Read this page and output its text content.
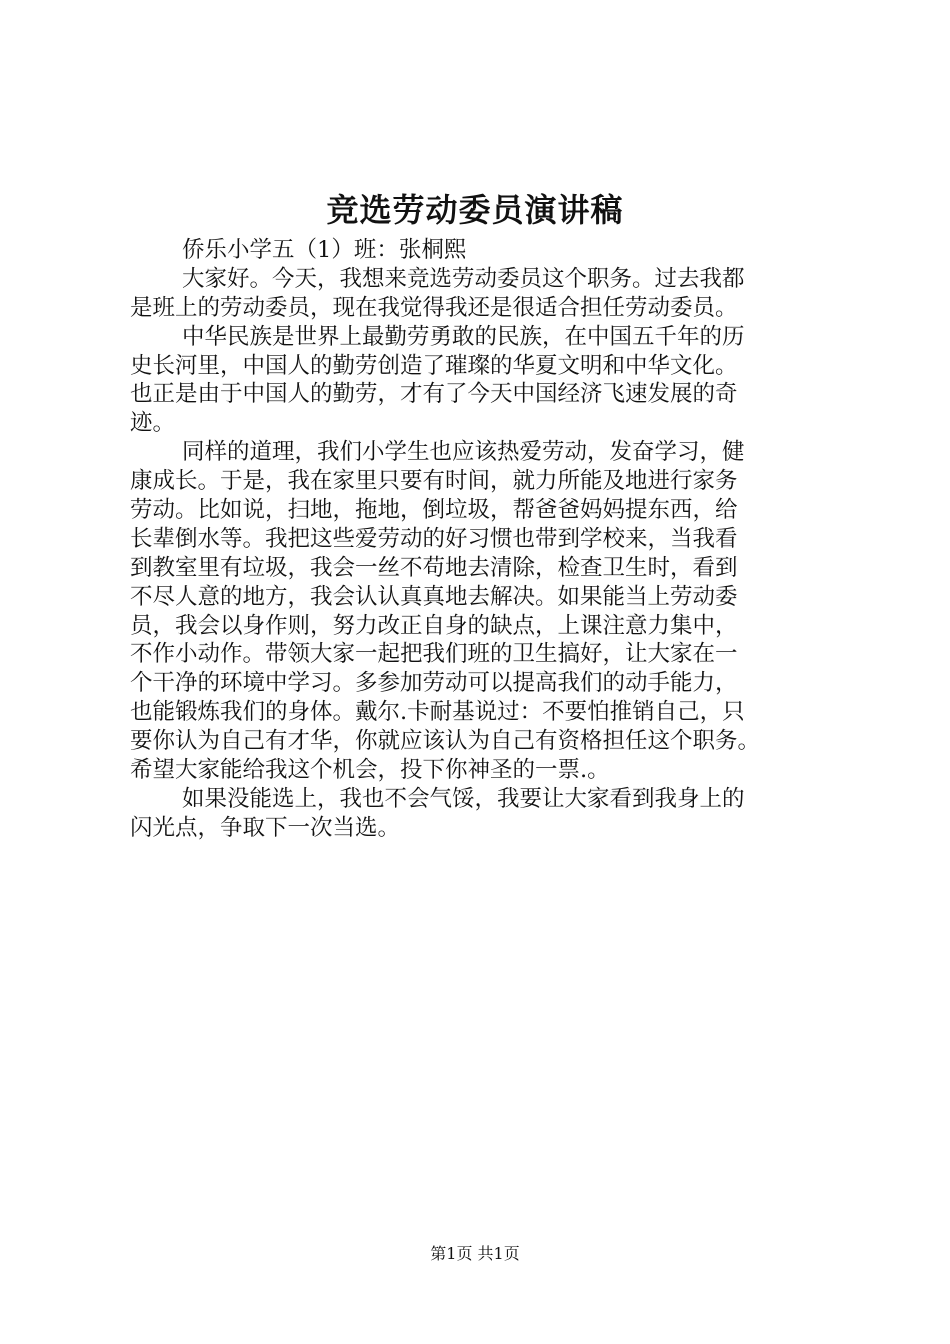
竞选劳动委员演讲稿
侨乐小学五（1）班：张桐熙
大家好。今天，我想来竞选劳动委员这个职务。过去我都
是班上的劳动委员，现在我觉得我还是很适合担任劳动委员。
中华民族是世界上最勤劳勇敢的民族，在中国五千年的历
史长河里，中国人的勤劳创造了璀璨的华夏文明和中华文化。
也正是由于中国人的勤劳，才有了今天中国经济飞速发展的奇
迹。
同样的道理，我们小学生也应该热爱劳动，发奋学习，健
康成长。于是，我在家里只要有时间，就力所能及地进行家务
劳动。比如说，扫地，拖地，倒垃圾，帮爸爸妈妈提东西，给
长辈倒水等。我把这些爱劳动的好习惯也带到学校来，当我看
到教室里有垃圾，我会一丝不苟地去清除，检查卫生时，看到
不尽人意的地方，我会认认真真地去解决。如果能当上劳动委
员，我会以身作则，努力改正自身的缺点，上课注意力集中，
不作小动作。带领大家一起把我们班的卫生搞好，让大家在一
个干净的环境中学习。多参加劳动可以提高我们的动手能力，
也能锻炼我们的身体。戴尔.卡耐基说过：不要怕推销自己，只
要你认为自己有才华，你就应该认为自己有资格担任这个职务。
希望大家能给我这个机会，投下你神圣的一票.。
如果没能选上，我也不会气馁，我要让大家看到我身上的
闪光点，争取下一次当选。
第1页 共1页
